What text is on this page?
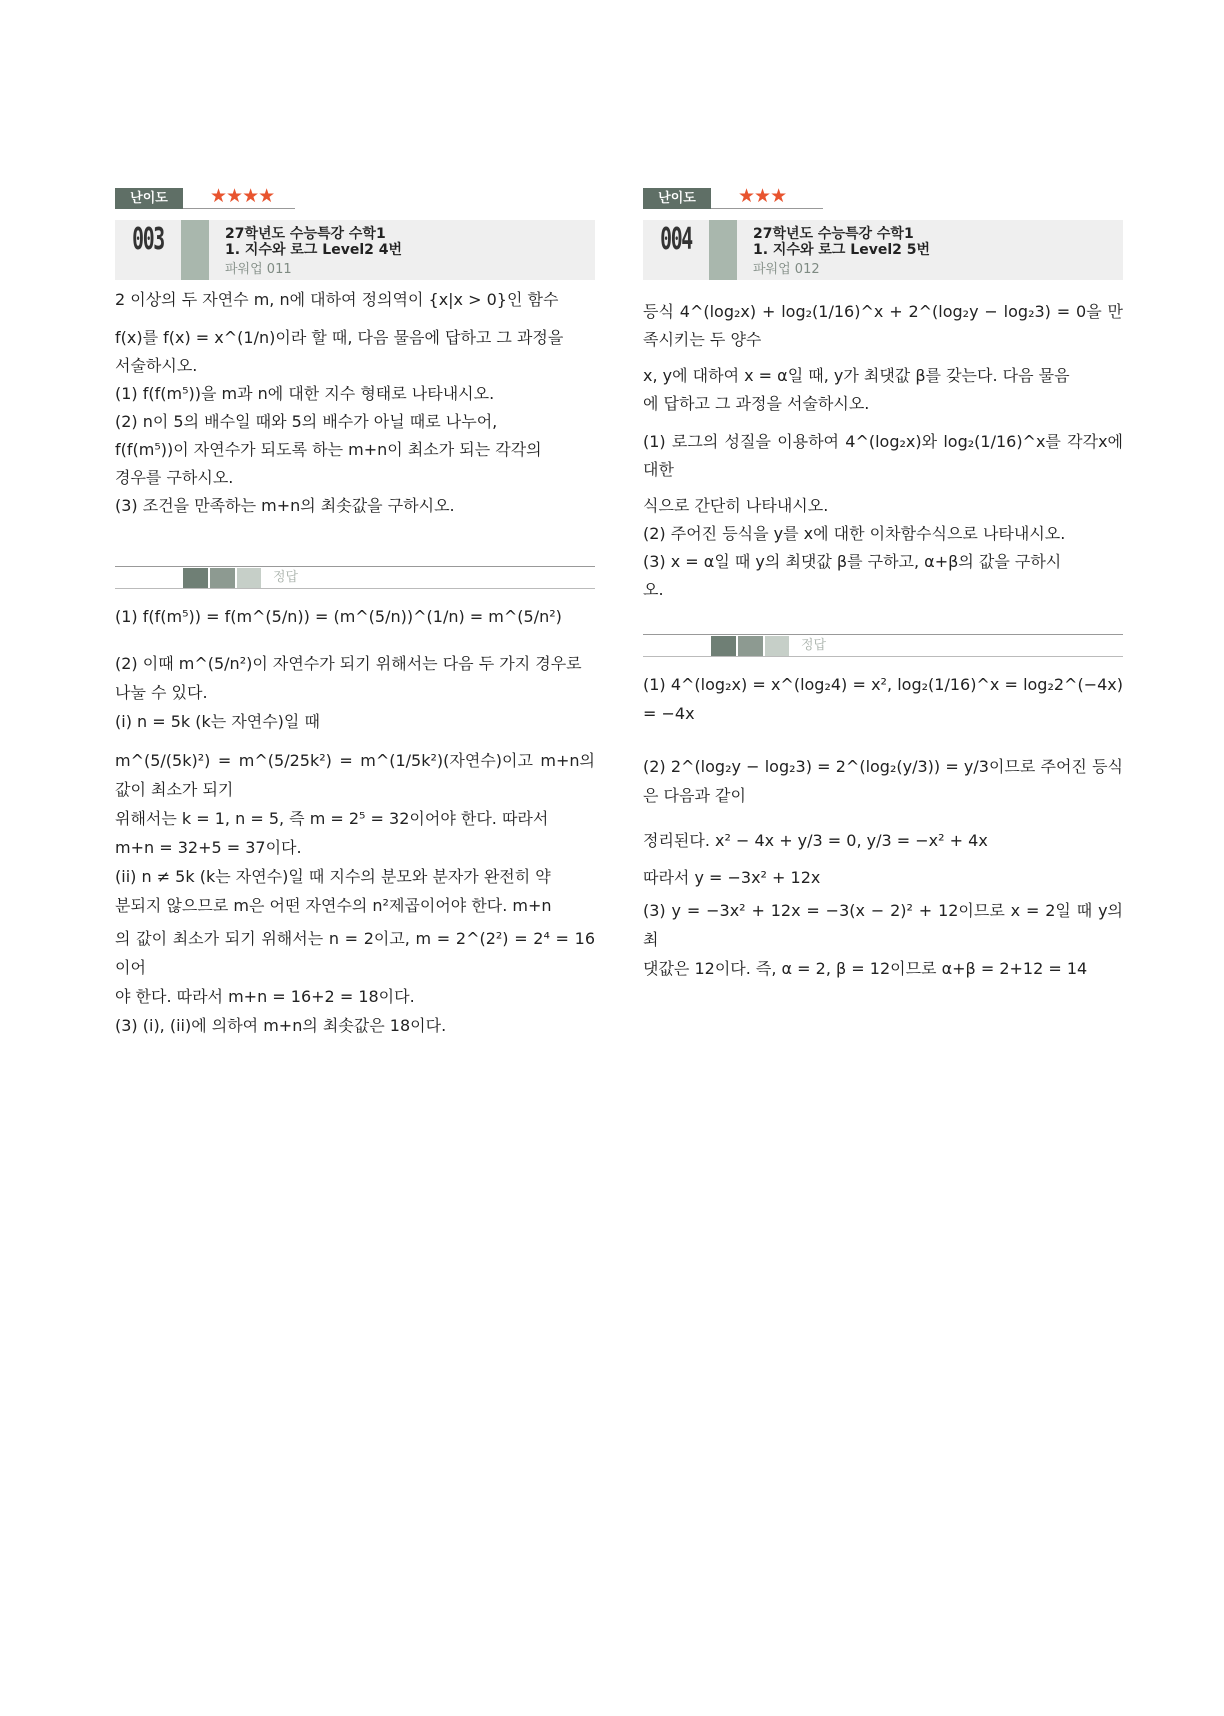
난이도	★★★★
003	27학년도 수능특강 수학1
1. 지수와 로그 Level2 4번
파워업 011
2 이상의 두 자연수 m, n에 대하여 정의역이 {x|x > 0}인 함수
f(x)를 f(x) = x^(1/n)이라 할 때, 다음 물음에 답하고 그 과정을
서술하시오.
(1) f(f(m⁵))을 m과 n에 대한 지수 형태로 나타내시오.
(2) n이 5의 배수일 때와 5의 배수가 아닐 때로 나누어,
f(f(m⁵))이 자연수가 되도록 하는 m+n이 최소가 되는 각각의
경우를 구하시오.
(3) 조건을 만족하는 m+n의 최솟값을 구하시오.
정답
(1) f(f(m⁵)) = f(m^(5/n)) = (m^(5/n))^(1/n) = m^(5/n²)
(2) 이때 m^(5/n²)이 자연수가 되기 위해서는 다음 두 가지 경우로
나눌 수 있다.
(i) n = 5k (k는 자연수)일 때
m^(5/(5k)²) = m^(5/25k²) = m^(1/5k²)(자연수)이고 m+n의 값이 최소가 되기
위해서는 k = 1, n = 5, 즉 m = 2⁵ = 32이어야 한다. 따라서
m+n = 32+5 = 37이다.
(ii) n ≠ 5k (k는 자연수)일 때 지수의 분모와 분자가 완전히 약
분되지 않으므로 m은 어떤 자연수의 n²제곱이어야 한다. m+n
의 값이 최소가 되기 위해서는 n = 2이고, m = 2^(2²) = 2⁴ = 16이어
야 한다. 따라서 m+n = 16+2 = 18이다.
(3) (i), (ii)에 의하여 m+n의 최솟값은 18이다.
난이도	★★★
004	27학년도 수능특강 수학1
1. 지수와 로그 Level2 5번
파워업 012
등식 4^(log₂x) + log₂(1/16)^x + 2^(log₂y − log₂3) = 0을 만족시키는 두 양수
x, y에 대하여 x = α일 때, y가 최댓값 β를 갖는다. 다음 물음
에 답하고 그 과정을 서술하시오.
(1) 로그의 성질을 이용하여 4^(log₂x)와 log₂(1/16)^x를 각각x에 대한
식으로 간단히 나타내시오.
(2) 주어진 등식을 y를 x에 대한 이차함수식으로 나타내시오.
(3) x = α일 때 y의 최댓값 β를 구하고, α+β의 값을 구하시
오.
정답
(1) 4^(log₂x) = x^(log₂4) = x², log₂(1/16)^x = log₂2^(−4x) = −4x
(2) 2^(log₂y − log₂3) = 2^(log₂(y/3)) = y/3이므로 주어진 등식은 다음과 같이
정리된다. x² − 4x + y/3 = 0, y/3 = −x² + 4x
따라서 y = −3x² + 12x
(3) y = −3x² + 12x = −3(x − 2)² + 12이므로 x = 2일 때 y의 최
댓값은 12이다. 즉, α = 2, β = 12이므로 α+β = 2+12 = 14
